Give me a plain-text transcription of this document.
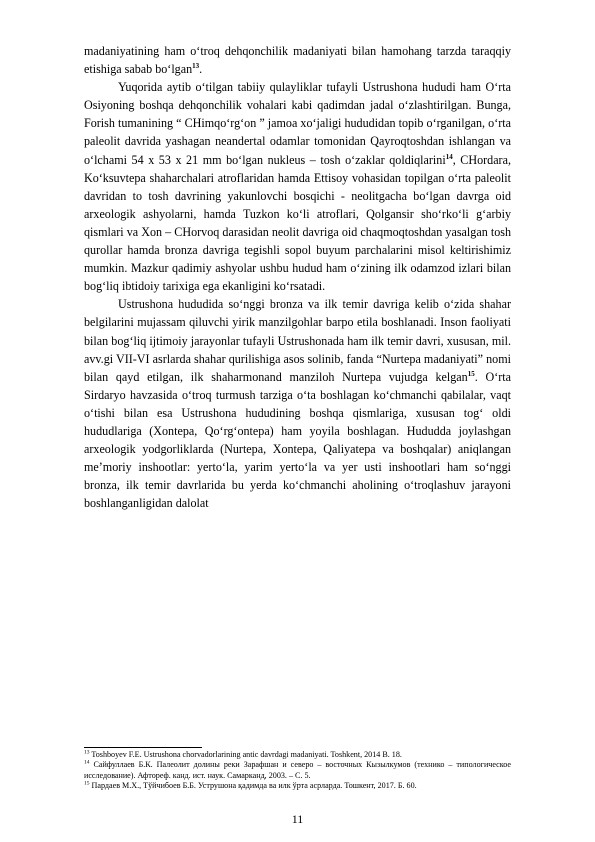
madaniyatining ham o‘troq dehqonchilik madaniyati bilan hamohang tarzda taraqqiy etishiga sabab bo‘lgan$^{13}$.

Yuqorida aytib o‘tilgan tabiiy qulayliklar tufayli Ustrushona hududi ham O‘rta Osiyoning boshqa dehqonchilik vohalari kabi qadimdan jadal o‘zlashtirilgan. Bunga, Forish tumanining “ CHimqo‘rg‘on ” jamoa xo‘jaligi hududidan topib o‘rganilgan, o‘rta paleolit davrida yashagan neandertal odamlar tomonidan Qayroqtoshdan ishlangan va o‘lchami 54 x 53 x 21 mm bo‘lgan nukleus – tosh o‘zaklar qoldiqlarini$^{14}$, CHordara, Ko‘ksuvtepa shaharchalari atroflaridan hamda Ettisoy vohasidan topilgan o‘rta paleolit davridan to tosh davrining yakunlovchi bosqichi - neolitgacha bo‘lgan davrga oid arxeologik ashyolarni, hamda Tuzkon ko‘li atroflari, Qolgansir sho‘rko‘li g‘arbiy qismlari va Xon – CHorvoq darasidan neolit davriga oid chaqmoqtoshdan yasalgan tosh qurollar hamda bronza davriga tegishli sopol buyum parchalarini misol keltirishimiz mumkin. Mazkur qadimiy ashyolar ushbu hudud ham o‘zining ilk odamzod izlari bilan bog‘liq ibtidoiy tarixiga ega ekanligini ko‘rsatadi.

Ustrushona hududida so‘nggi bronza va ilk temir davriga kelib o‘zida shahar belgilarini mujassam qiluvchi yirik manzilgohlar barpo etila boshlanadi. Inson faoliyati bilan bog‘liq ijtimoiy jarayonlar tufayli Ustrushonada ham ilk temir davri, xususan, mil. avv.gi VII-VI asrlarda shahar qurilishiga asos solinib, fanda “Nurtepa madaniyati” nomi bilan qayd etilgan, ilk shaharmonand manziloh Nurtepa vujudga kelgan$^{15}$. O‘rta Sirdaryo havzasida o‘troq turmush tarziga o‘ta boshlagan ko‘chmanchi qabilalar, vaqt o‘tishi bilan esa Ustrushona hududining boshqa qismlariga, xususan tog‘ oldi hududlariga (Xontepa, Qo‘rg‘ontepa) ham yoyila boshlagan. Hududda joylashgan arxeologik yodgorliklarda (Nurtepa, Xontepa, Qaliyatepa va boshqalar) aniqlangan me’moriy inshootlar: yerto‘la, yarim yerto‘la va yer usti inshootlari ham so‘nggi bronza, ilk temir davrlarida bu yerda ko‘chmanchi aholining o‘troqlashuv jarayoni boshlanganligidan dalolat

$^{13}$ Toshboyev F.E. Ustrushona chorvadorlarining antic davrdagi madaniyati. Toshkent, 2014 B. 18.

$^{14}$ Сайфуллаев Б.К. Палеолит долины реки Зарафшан и северо – восточных Кызылкумов (технико – типологическое исследование). Афтореф. канд. ист. наук. Самарканд, 2003. – С. 5.

$^{15}$ Пардаев М.Х., Тўйчибоев Б.Б. Уструшона қадимда ва илк ўрта асрларда. Тошкент, 2017. Б. 60.

11
